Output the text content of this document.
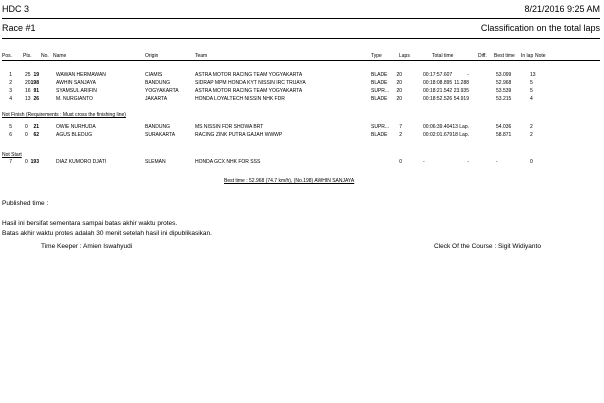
HDC 3	8/21/2016 9:25 AM
Race #1	Classification on the total laps
Pos. Pts. No. Name	Origin	Team	Type	Laps	Total time	Diff. Best time In lap Note
1	25 19	WAWAN HERMAWAN	CIAMIS	ASTRA MOTOR RACING TEAM YOGYAKARTA	BLADE	20	00:17:57.607	-	53.099	13
2	20 198	AWHIN SANJAYA	BANDUNG	SIDRAP MPM HONDA KYT NISSIN IRC TRUAYA	BLADE	20	00:18:08.895 11.288	52.968	5
3	16 91	SYAMSUL ARIFIN	YOGYAKARTA	ASTRA MOTOR RACING TEAM YOGYAKARTA	SUPR...	20	00:18:21.542 23.935	53.539	5
4	13 26	M. NURGIANTO	JAKARTA	HONDA LOYALTECH NISSIN NHK FDR	BLADE	20	00:18:52.526 54.919	53.215	4
Not Finish (Requirements : Must cross the finishing line)
5	0	21	OWIE NURHUDA	BANDUNG	MS NISSIN FDR SHOWA BRT	SUPR...	7	00:06:39.404 13 Lap.	54.036	2
6	0	62	AGUS BLEDUG	SURAKARTA	RACING ZINK PUTRA GAJAH WWWP	BLADE	2	00:02:01.679 18 Lap.	58.871	2
Not Start
7	0 193	DIAZ KUMORO DJATI	SLEMAN	HONDA GCX NHK FOR SSS	0	-	-	-	0
Best time : 52.968 (74.7 km/h), (No.198) AWHIN SANJAYA
Published time :
Hasil ini bersifat sementara sampai batas akhir waktu protes.
Batas akhir waktu protes adalah 30 menit setelah hasil ini dipublikasikan.
Time Keeper : Amien Iswahyudi	Cleck Of the Course : Sigit Widiyanto
